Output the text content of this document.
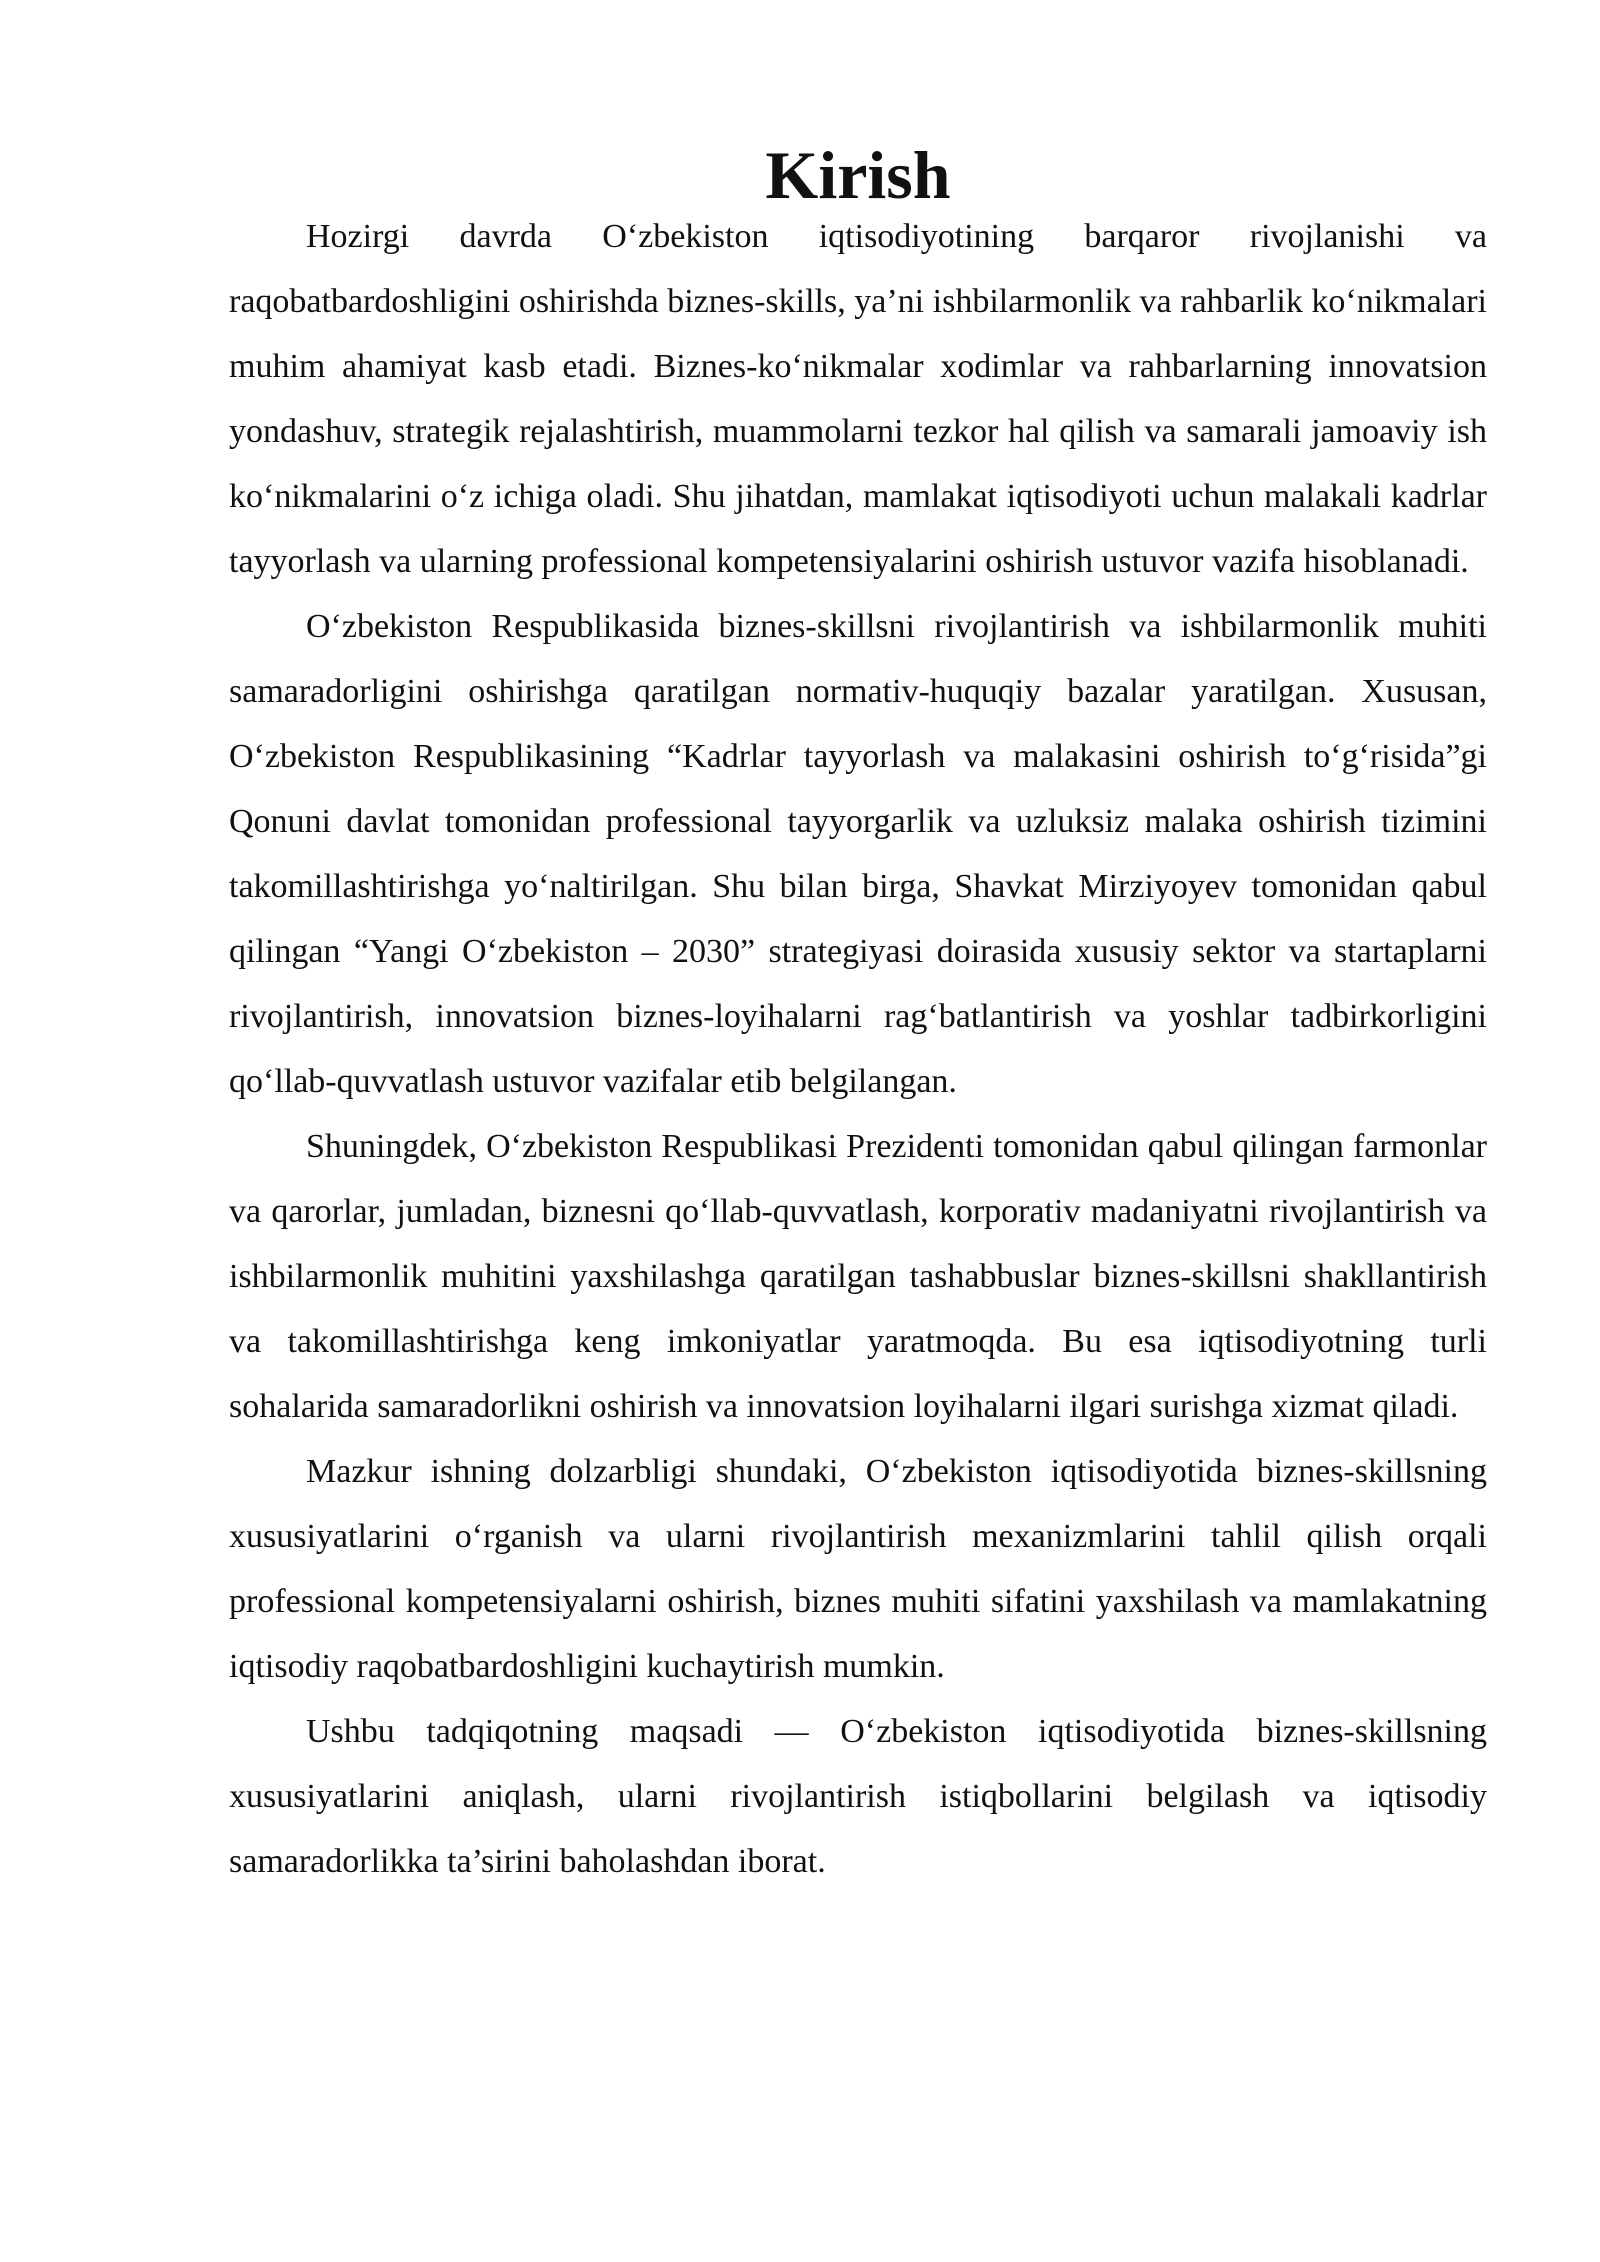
Kirish

Hozirgi davrda O‘zbekiston iqtisodiyotining barqaror rivojlanishi va raqobatbardoshligini oshirishda biznes-skills, ya’ni ishbilarmonlik va rahbarlik ko‘nikmalari muhim ahamiyat kasb etadi. Biznes-ko‘nikmalar xodimlar va rahbarlarning innovatsion yondashuv, strategik rejalashtirish, muammolarni tezkor hal qilish va samarali jamoaviy ish ko‘nikmalarini o‘z ichiga oladi. Shu jihatdan, mamlakat iqtisodiyoti uchun malakali kadrlar tayyorlash va ularning professional kompetensiyalarini oshirish ustuvor vazifa hisoblanadi.

O‘zbekiston Respublikasida biznes-skillsni rivojlantirish va ishbilarmonlik muhiti samaradorligini oshirishga qaratilgan normativ-huquqiy bazalar yaratilgan. Xususan, O‘zbekiston Respublikasining “Kadrlar tayyorlash va malakasini oshirish to‘g‘risida”gi Qonuni davlat tomonidan professional tayyorgarlik va uzluksiz malaka oshirish tizimini takomillashtirishga yo‘naltirilgan. Shu bilan birga, Shavkat Mirziyoyev tomonidan qabul qilingan “Yangi O‘zbekiston – 2030” strategiyasi doirasida xususiy sektor va startaplarni rivojlantirish, innovatsion biznes-loyihalarni rag‘batlantirish va yoshlar tadbirkorligini qo‘llab-quvvatlash ustuvor vazifalar etib belgilangan.

Shuningdek, O‘zbekiston Respublikasi Prezidenti tomonidan qabul qilingan farmonlar va qarorlar, jumladan, biznesni qo‘llab-quvvatlash, korporativ madaniyatni rivojlantirish va ishbilarmonlik muhitini yaxshilashga qaratilgan tashabbuslar biznes-skillsni shakllantirish va takomillashtirishga keng imkoniyatlar yaratmoqda. Bu esa iqtisodiyotning turli sohalarida samaradorlikni oshirish va innovatsion loyihalarni ilgari surishga xizmat qiladi.

Mazkur ishning dolzarbligi shundaki, O‘zbekiston iqtisodiyotida biznes-skillsning xususiyatlarini o‘rganish va ularni rivojlantirish mexanizmlarini tahlil qilish orqali professional kompetensiyalarni oshirish, biznes muhiti sifatini yaxshilash va mamlakatning iqtisodiy raqobatbardoshligini kuchaytirish mumkin.

Ushbu tadqiqotning maqsadi — O‘zbekiston iqtisodiyotida biznes-skillsning xususiyatlarini aniqlash, ularni rivojlantirish istiqbollarini belgilash va iqtisodiy samaradorlikka ta’sirini baholashdan iborat.
